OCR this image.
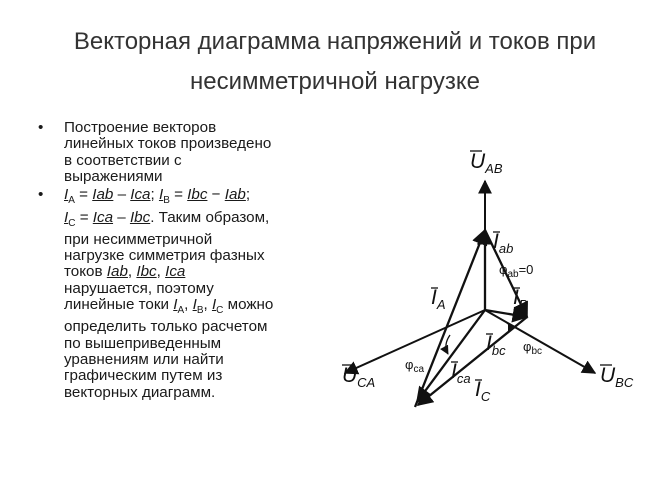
Векторная диаграмма напряжений и токов при
несимметричной нагрузке
• Построение векторов
линейных токов произведено
в соответствии с
выражениями
• $I_A$ = Iab – Ica; $I_B$ = Ibc − Iab;
$I_C$ = Ica – Ibc. Таким образом,
при несимметричной
нагрузке симметрия фазных
токов Iab, Ibc, Ica
нарушается, поэтому
линейные токи $I_A$, $I_B$, $I_C$ можно
определить только расчетом
по вышеприведенным
уравнениям или найти
графическим путем из
векторных диаграмм.
$U_{AB}$
$U_{CA}$	$U_{BC}$
$I_{ab}$
$\varphi_{ab}=0$
$I_A$	$I_B$
$I_{bc}$ $\varphi_{bc}$
$\varphi_{ca}$ $I_{ca}$ $I_C$
